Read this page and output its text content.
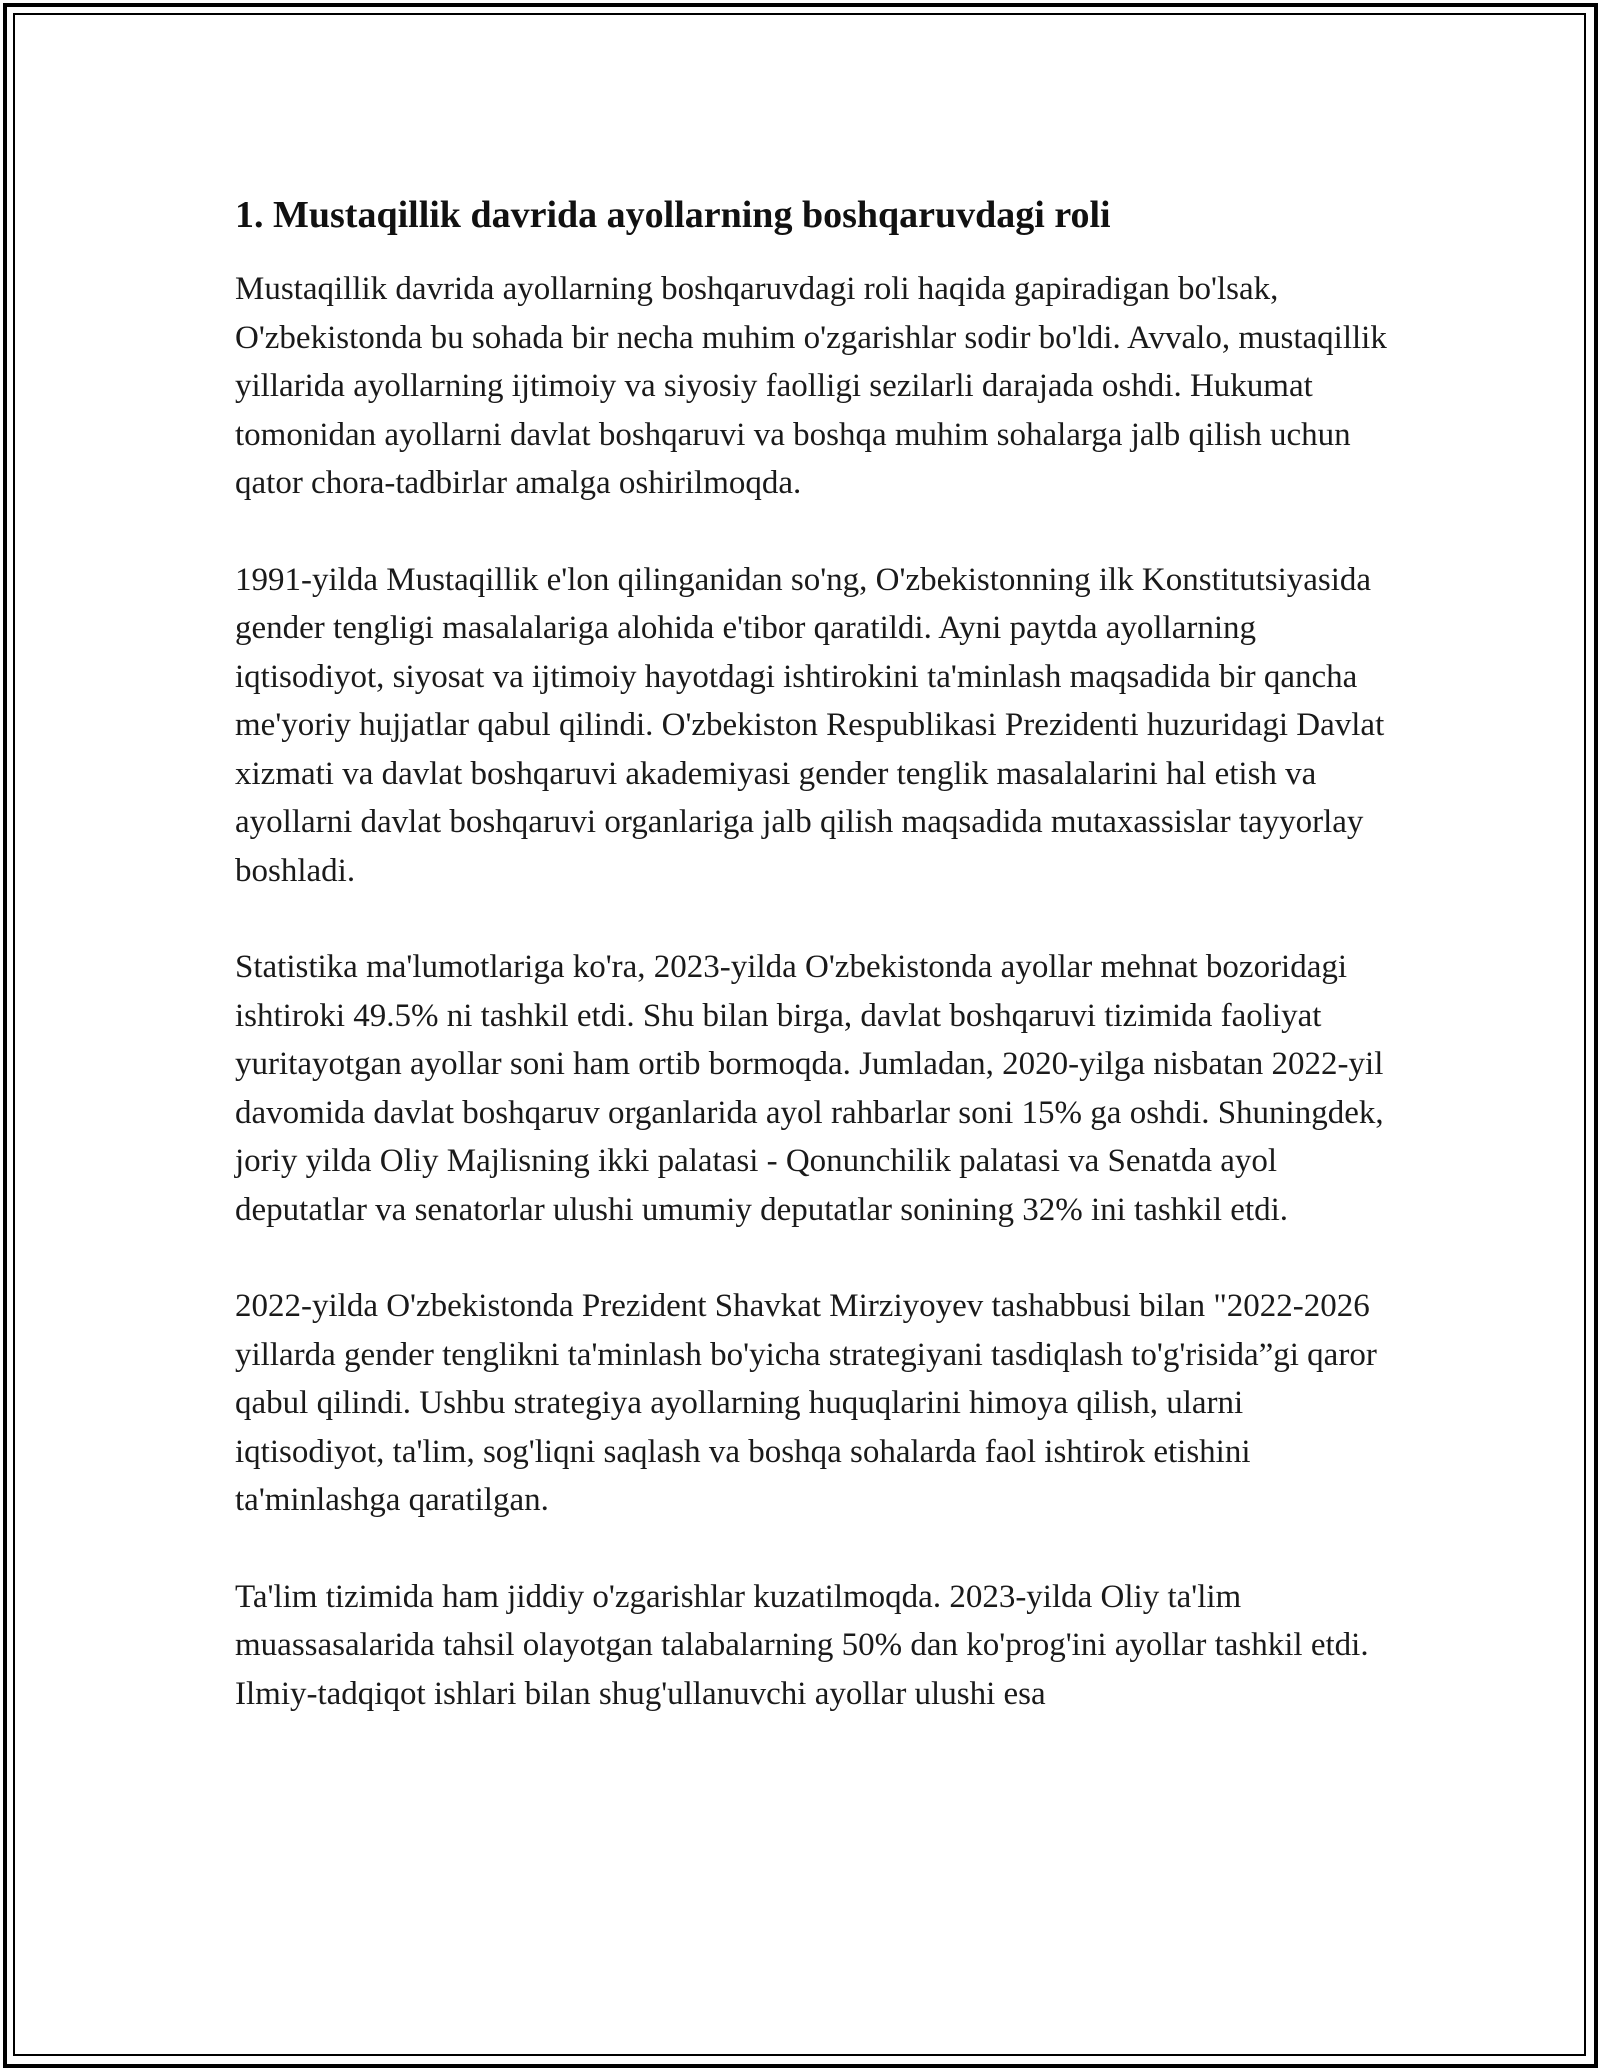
1. Mustaqillik davrida ayollarning boshqaruvdagi roli

Mustaqillik davrida ayollarning boshqaruvdagi roli haqida gapiradigan bo'lsak, O'zbekistonda bu sohada bir necha muhim o'zgarishlar sodir bo'ldi. Avvalo, mustaqillik yillarida ayollarning ijtimoiy va siyosiy faolligi sezilarli darajada oshdi. Hukumat tomonidan ayollarni davlat boshqaruvi va boshqa muhim sohalarga jalb qilish uchun qator chora-tadbirlar amalga oshirilmoqda.

1991-yilda Mustaqillik e'lon qilinganidan so'ng, O'zbekistonning ilk Konstitutsiyasida gender tengligi masalalariga alohida e'tibor qaratildi. Ayni paytda ayollarning iqtisodiyot, siyosat va ijtimoiy hayotdagi ishtirokini ta'minlash maqsadida bir qancha me'yoriy hujjatlar qabul qilindi. O'zbekiston Respublikasi Prezidenti huzuridagi Davlat xizmati va davlat boshqaruvi akademiyasi gender tenglik masalalarini hal etish va ayollarni davlat boshqaruvi organlariga jalb qilish maqsadida mutaxassislar tayyorlay boshladi.

Statistika ma'lumotlariga ko'ra, 2023-yilda O'zbekistonda ayollar mehnat bozoridagi ishtiroki 49.5% ni tashkil etdi. Shu bilan birga, davlat boshqaruvi tizimida faoliyat yuritayotgan ayollar soni ham ortib bormoqda. Jumladan, 2020-yilga nisbatan 2022-yil davomida davlat boshqaruv organlarida ayol rahbarlar soni 15% ga oshdi. Shuningdek, joriy yilda Oliy Majlisning ikki palatasi - Qonunchilik palatasi va Senatda ayol deputatlar va senatorlar ulushi umumiy deputatlar sonining 32% ini tashkil etdi.

2022-yilda O'zbekistonda Prezident Shavkat Mirziyoyev tashabbusi bilan "2022-2026 yillarda gender tenglikni ta'minlash bo'yicha strategiyani tasdiqlash to'g'risida”gi qaror qabul qilindi. Ushbu strategiya ayollarning huquqlarini himoya qilish, ularni iqtisodiyot, ta'lim, sog'liqni saqlash va boshqa sohalarda faol ishtirok etishini ta'minlashga qaratilgan.

Ta'lim tizimida ham jiddiy o'zgarishlar kuzatilmoqda. 2023-yilda Oliy ta'lim muassasalarida tahsil olayotgan talabalarning 50% dan ko'prog'ini ayollar tashkil etdi. Ilmiy-tadqiqot ishlari bilan shug'ullanuvchi ayollar ulushi esa
